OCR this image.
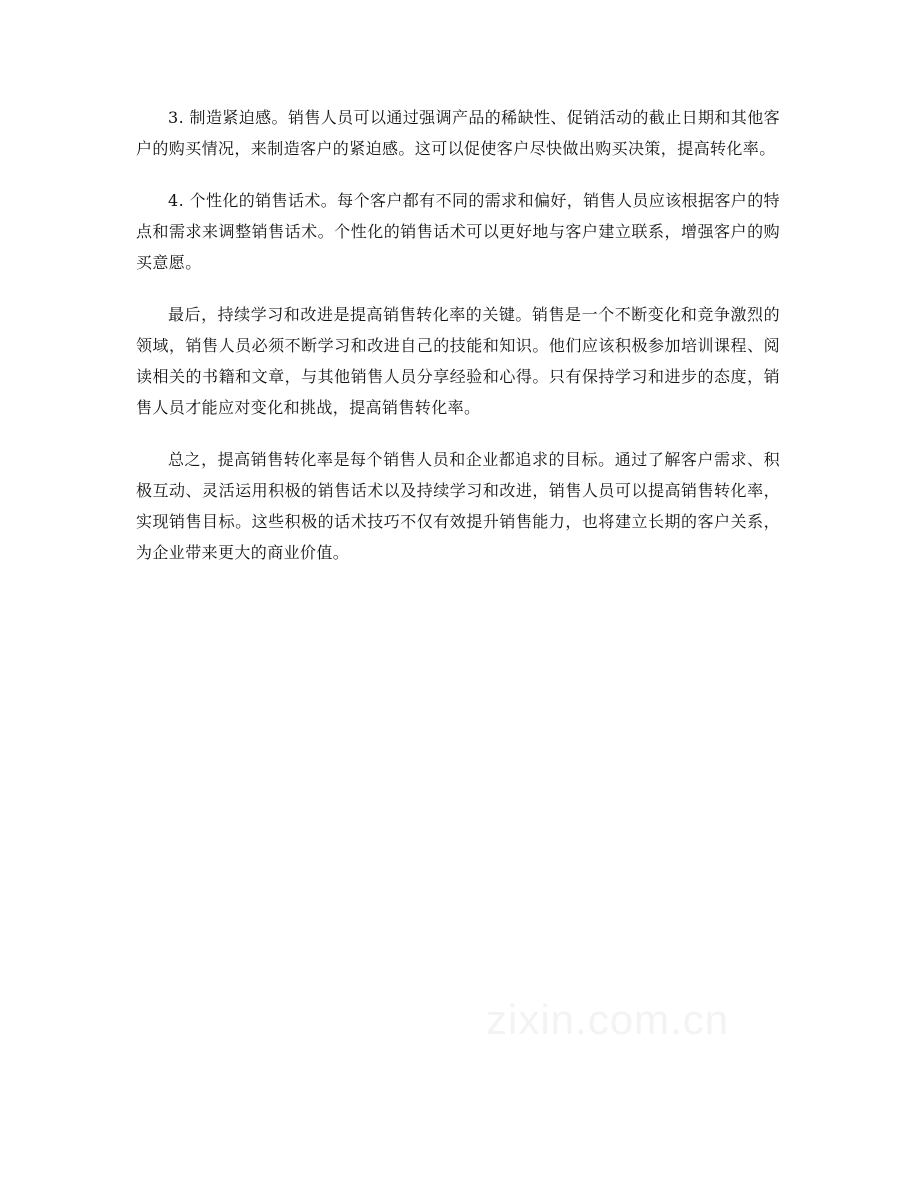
3. 制造紧迫感。销售人员可以通过强调产品的稀缺性、促销活动的截止日期和其他客户的购买情况，来制造客户的紧迫感。这可以促使客户尽快做出购买决策，提高转化率。

4. 个性化的销售话术。每个客户都有不同的需求和偏好，销售人员应该根据客户的特点和需求来调整销售话术。个性化的销售话术可以更好地与客户建立联系，增强客户的购买意愿。

最后，持续学习和改进是提高销售转化率的关键。销售是一个不断变化和竞争激烈的领域，销售人员必须不断学习和改进自己的技能和知识。他们应该积极参加培训课程、阅读相关的书籍和文章，与其他销售人员分享经验和心得。只有保持学习和进步的态度，销售人员才能应对变化和挑战，提高销售转化率。

总之，提高销售转化率是每个销售人员和企业都追求的目标。通过了解客户需求、积极互动、灵活运用积极的销售话术以及持续学习和改进，销售人员可以提高销售转化率，实现销售目标。这些积极的话术技巧不仅有效提升销售能力，也将建立长期的客户关系，为企业带来更大的商业价值。

zixin.com.cn
